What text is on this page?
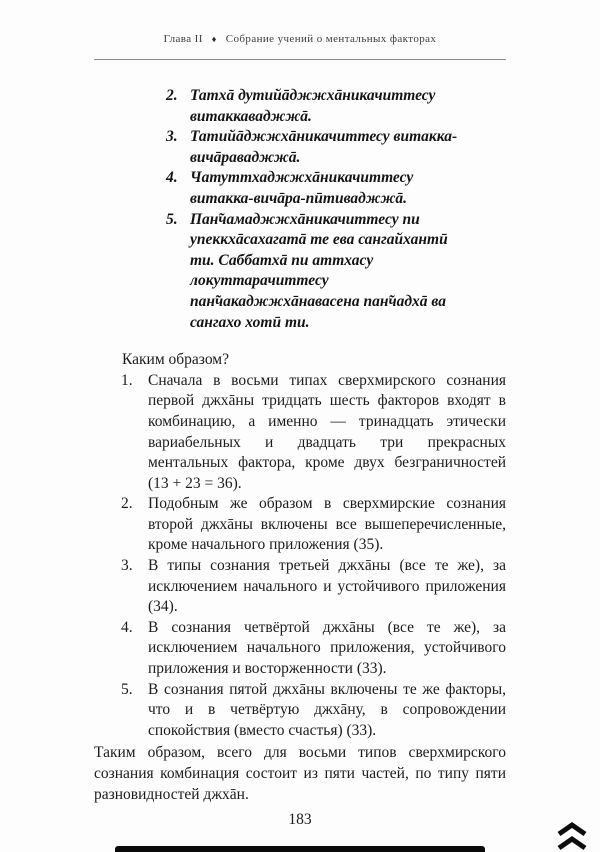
Глава II ♦ Собрание учений о ментальных факторах
2. Татхā дутийāджжхāникачиттесу витаккаваджжā.
3. Татийāджжхāникачиттесу витакка-вичāраваджжā.
4. Чатуттхаджжхāникачиттесу витакка-вичāра-пӣтиваджжā.
5. Пан̃чамаджжхāникачиттесу пи упеккхāсахагатā те ева сангайхантӣ ти. Саббатхā пи аттхасу локуттарачиттесу пан̃чакаджжхāнавасена пан̃чадхā ва сангахо хотӣ ти.
Каким образом?
1. Сначала в восьми типах сверхмирского сознания первой джхāны тридцать шесть факторов входят в комбинацию, а именно — тринадцать этически вариабельных и двадцать три прекрасных ментальных фактора, кроме двух безграничностей (13 + 23 = 36).
2. Подобным же образом в сверхмирские сознания второй джхāны включены все вышеперечисленные, кроме начального приложения (35).
3. В типы сознания третьей джхāны (все те же), за исключением начального и устойчивого приложения (34).
4. В сознания четвёртой джхāны (все те же), за исключением начального приложения, устойчивого приложения и восторженности (33).
5. В сознания пятой джхāны включены те же факторы, что и в четвёртую джхāну, в сопровождении спокойствия (вместо счастья) (33).
Таким образом, всего для восьми типов сверхмирского сознания комбинация состоит из пяти частей, по типу пяти разновидностей джхāн.
183
